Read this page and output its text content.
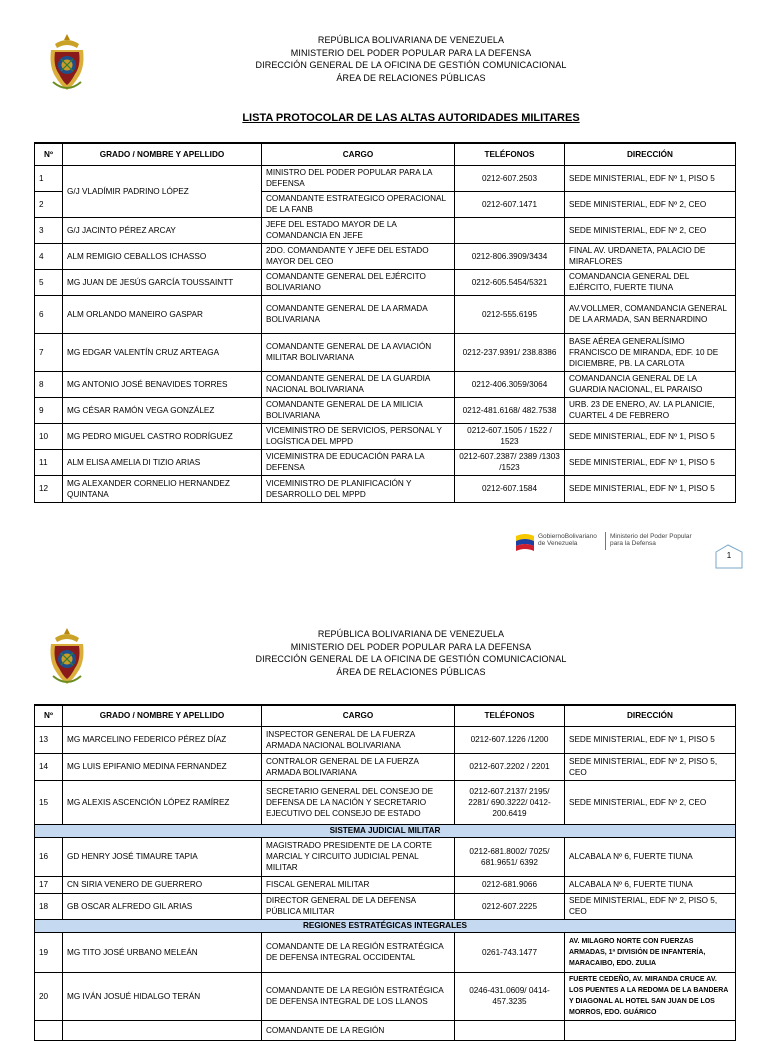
REPÚBLICA BOLIVARIANA DE VENEZUELA
MINISTERIO DEL PODER POPULAR PARA LA DEFENSA
DIRECCIÓN GENERAL DE LA OFICINA DE GESTIÓN COMUNICACIONAL
ÁREA DE RELACIONES PÚBLICAS
LISTA PROTOCOLAR DE LAS ALTAS AUTORIDADES MILITARES
Nº	GRADO / NOMBRE Y APELLIDO	CARGO	TELÉFONOS	DIRECCIÓN
1	G/J VLADÍMIR PADRINO LÓPEZ	MINISTRO DEL PODER POPULAR PARA LA DEFENSA	0212-607.2503	SEDE MINISTERIAL, EDF Nº 1, PISO 5
2		COMANDANTE ESTRATEGICO OPERACIONAL DE LA FANB	0212-607.1471	SEDE MINISTERIAL, EDF Nº 2, CEO
3	G/J JACINTO PÉREZ ARCAY	JEFE DEL ESTADO MAYOR DE LA COMANDANCIA EN JEFE		SEDE MINISTERIAL, EDF Nº 2, CEO
4	ALM REMIGIO CEBALLOS ICHASSO	2DO. COMANDANTE Y JEFE DEL ESTADO MAYOR DEL CEO	0212-806.3909/3434	FINAL AV. URDANETA, PALACIO DE MIRAFLORES
5	MG JUAN DE JESÚS GARCÍA TOUSSAINTT	COMANDANTE GENERAL DEL EJÉRCITO BOLIVARIANO	0212-605.5454/5321	COMANDANCIA GENERAL DEL EJÉRCITO, FUERTE TIUNA
6	ALM ORLANDO MANEIRO GASPAR	COMANDANTE GENERAL DE LA ARMADA BOLIVARIANA	0212-555.6195	AV.VOLLMER, COMANDANCIA GENERAL DE LA ARMADA, SAN BERNARDINO
7	MG EDGAR VALENTÍN CRUZ ARTEAGA	COMANDANTE GENERAL DE LA AVIACIÓN MILITAR BOLIVARIANA	0212-237.9391/ 238.8386	BASE AÉREA GENERALÍSIMO FRANCISCO DE MIRANDA, EDF. 10 DE DICIEMBRE, PB. LA CARLOTA
8	MG ANTONIO JOSÉ BENAVIDES TORRES	COMANDANTE GENERAL DE LA GUARDIA NACIONAL BOLIVARIANA	0212-406.3059/3064	COMANDANCIA GENERAL DE LA GUARDIA NACIONAL, EL PARAISO
9	MG CÉSAR RAMÓN VEGA GONZÁLEZ	COMANDANTE GENERAL DE LA MILICIA BOLIVARIANA	0212-481.6168/ 482.7538	URB. 23 DE ENERO, AV. LA PLANICIE, CUARTEL 4 DE FEBRERO
10	MG PEDRO MIGUEL CASTRO RODRÍGUEZ	VICEMINISTRO DE SERVICIOS, PERSONAL Y LOGÍSTICA DEL MPPD	0212-607.1505 / 1522 / 1523	SEDE MINISTERIAL, EDF Nº 1, PISO 5
11	ALM ELISA AMELIA DI TIZIO ARIAS	VICEMINISTRA DE EDUCACIÓN PARA LA DEFENSA	0212-607.2387/ 2389 /1303 /1523	SEDE MINISTERIAL, EDF Nº 1, PISO 5
12	MG ALEXANDER CORNELIO HERNANDEZ QUINTANA	VICEMINISTRO DE PLANIFICACIÓN Y DESARROLLO DEL MPPD	0212-607.1584	SEDE MINISTERIAL, EDF Nº 1, PISO 5
GobiernoBolivariano
de Venezuela
Ministerio del Poder Popular
para la Defensa
1
REPÚBLICA BOLIVARIANA DE VENEZUELA
MINISTERIO DEL PODER POPULAR PARA LA DEFENSA
DIRECCIÓN GENERAL DE LA OFICINA DE GESTIÓN COMUNICACIONAL
ÁREA DE RELACIONES PÚBLICAS
Nº	GRADO / NOMBRE Y APELLIDO	CARGO	TELÉFONOS	DIRECCIÓN
13	MG MARCELINO FEDERICO PÉREZ DÍAZ	INSPECTOR GENERAL DE LA FUERZA ARMADA NACIONAL BOLIVARIANA	0212-607.1226 /1200	SEDE MINISTERIAL, EDF Nº 1, PISO 5
14	MG LUIS EPIFANIO MEDINA FERNANDEZ	CONTRALOR GENERAL DE LA FUERZA ARMADA BOLIVARIANA	0212-607.2202 / 2201	SEDE MINISTERIAL, EDF Nº 2, PISO 5, CEO
15	MG ALEXIS ASCENCIÓN LÓPEZ RAMÍREZ	SECRETARIO GENERAL DEL CONSEJO DE DEFENSA DE LA NACIÓN Y SECRETARIO EJECUTIVO DEL CONSEJO DE ESTADO	0212-607.2137/ 2195/ 2281/ 690.3222/ 0412-200.6419	SEDE MINISTERIAL, EDF Nº 2, CEO
SISTEMA JUDICIAL MILITAR				
16	GD HENRY JOSÉ TIMAURE TAPIA	MAGISTRADO PRESIDENTE DE LA CORTE MARCIAL Y CIRCUITO JUDICIAL PENAL MILITAR	0212-681.8002/ 7025/ 681.9651/ 6392	ALCABALA Nº 6, FUERTE TIUNA
17	CN SIRIA VENERO DE GUERRERO	FISCAL GENERAL MILITAR	0212-681.9066	ALCABALA Nº 6, FUERTE TIUNA
18	GB OSCAR ALFREDO GIL ARIAS	DIRECTOR GENERAL DE LA DEFENSA PÚBLICA MILITAR	0212-607.2225	SEDE MINISTERIAL, EDF Nº 2, PISO 5, CEO
REGIONES ESTRATÉGICAS INTEGRALES				
19	MG TITO JOSÉ URBANO MELEÁN	COMANDANTE DE LA REGIÓN ESTRATÉGICA DE DEFENSA INTEGRAL OCCIDENTAL	0261-743.1477	AV. MILAGRO NORTE CON FUERZAS ARMADAS, 1ª DIVISIÓN DE INFANTERÍA, MARACAIBO, EDO. ZULIA
20	MG IVÁN JOSUÉ HIDALGO TERÁN	COMANDANTE DE LA REGIÓN ESTRATÉGICA DE DEFENSA INTEGRAL DE LOS LLANOS	0246-431.0609/ 0414-457.3235	FUERTE CEDEÑO, AV. MIRANDA CRUCE AV. LOS PUENTES A LA REDOMA DE LA BANDERA Y DIAGONAL AL HOTEL SAN JUAN DE LOS MORROS, EDO. GUÁRICO
		COMANDANTE DE LA REGIÓN		
